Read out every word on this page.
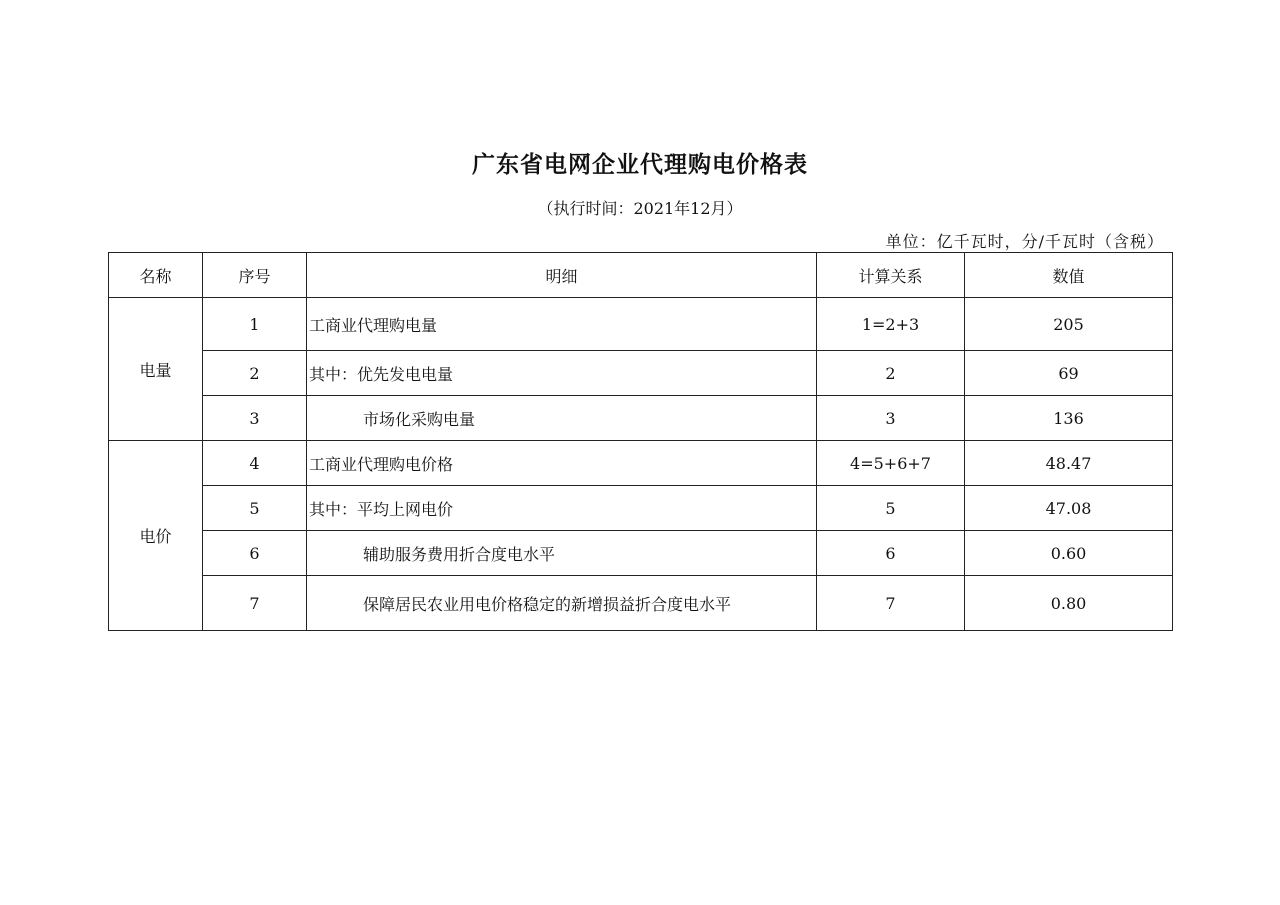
广东省电网企业代理购电价格表
（执行时间：2021年12月）
单位：亿千瓦时，分/千瓦时（含税）
名称	序号	明细	计算关系	数值
电量	1	工商业代理购电量	1=2+3	205
	2	其中：优先发电电量	2	69
	3	市场化采购电量	3	136
电价	4	工商业代理购电价格	4=5+6+7	48.47
	5	其中：平均上网电价	5	47.08
	6	辅助服务费用折合度电水平	6	0.60
	7	保障居民农业用电价格稳定的新增损益折合度电水平	7	0.80
